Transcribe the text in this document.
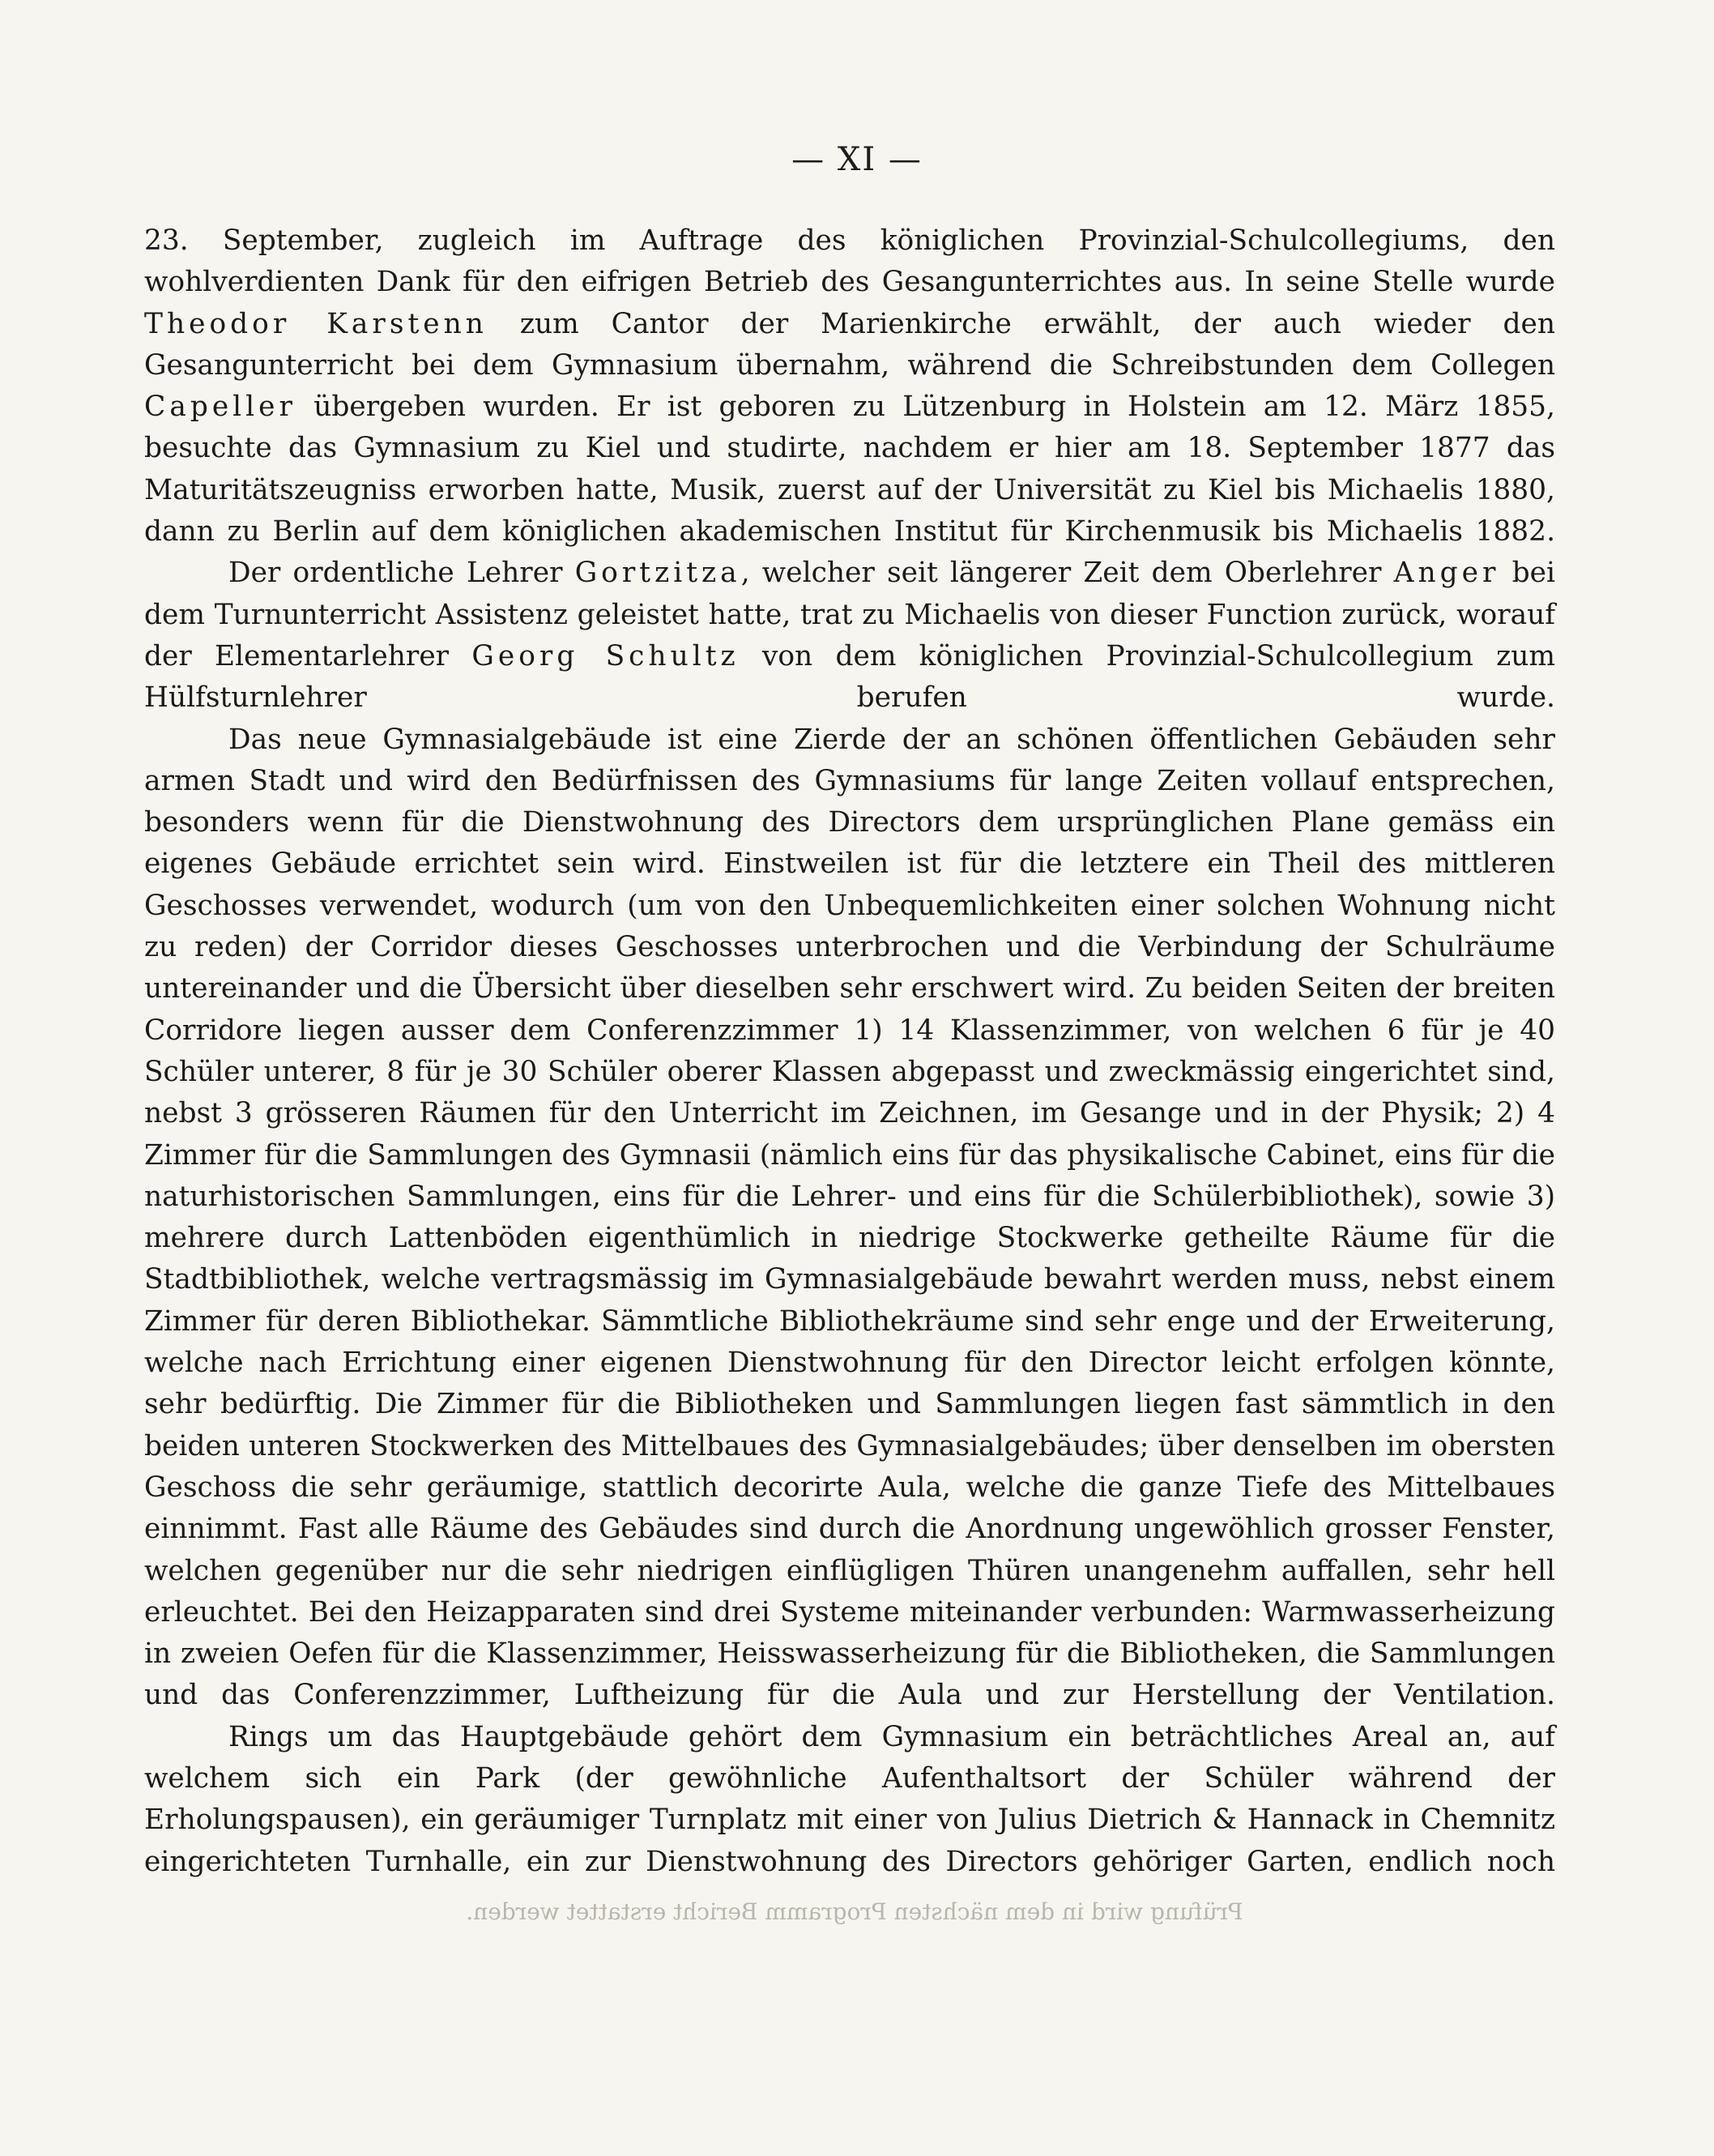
— XI —

23. September, zugleich im Auftrage des königlichen Provinzial-Schulcollegiums, den wohlverdienten Dank für den eifrigen Betrieb des Gesangunterrichtes aus. In seine Stelle wurde Theodor Karstenn zum Cantor der Marienkirche erwählt, der auch wieder den Gesangunterricht bei dem Gymnasium übernahm, während die Schreibstunden dem Collegen Capeller übergeben wurden. Er ist geboren zu Lützenburg in Holstein am 12. März 1855, besuchte das Gymnasium zu Kiel und studirte, nachdem er hier am 18. September 1877 das Maturitätszeugniss erworben hatte, Musik, zuerst auf der Universität zu Kiel bis Michaelis 1880, dann zu Berlin auf dem königlichen akademischen Institut für Kirchenmusik bis Michaelis 1882.

Der ordentliche Lehrer Gortzitza, welcher seit längerer Zeit dem Oberlehrer Anger bei dem Turnunterricht Assistenz geleistet hatte, trat zu Michaelis von dieser Function zurück, worauf der Elementarlehrer Georg Schultz von dem königlichen Provinzial-Schulcollegium zum Hülfsturnlehrer berufen wurde.

Das neue Gymnasialgebäude ist eine Zierde der an schönen öffentlichen Gebäuden sehr armen Stadt und wird den Bedürfnissen des Gymnasiums für lange Zeiten vollauf entsprechen, besonders wenn für die Dienstwohnung des Directors dem ursprünglichen Plane gemäss ein eigenes Gebäude errichtet sein wird. Einstweilen ist für die letztere ein Theil des mittleren Geschosses verwendet, wodurch (um von den Unbequemlichkeiten einer solchen Wohnung nicht zu reden) der Corridor dieses Geschosses unterbrochen und die Verbindung der Schulräume untereinander und die Übersicht über dieselben sehr erschwert wird. Zu beiden Seiten der breiten Corridore liegen ausser dem Conferenzzimmer 1) 14 Klassenzimmer, von welchen 6 für je 40 Schüler unterer, 8 für je 30 Schüler oberer Klassen abgepasst und zweckmässig eingerichtet sind, nebst 3 grösseren Räumen für den Unterricht im Zeichnen, im Gesange und in der Physik; 2) 4 Zimmer für die Sammlungen des Gymnasii (nämlich eins für das physikalische Cabinet, eins für die naturhistorischen Sammlungen, eins für die Lehrer- und eins für die Schülerbibliothek), sowie 3) mehrere durch Lattenböden eigenthümlich in niedrige Stockwerke getheilte Räume für die Stadtbibliothek, welche vertragsmässig im Gymnasialgebäude bewahrt werden muss, nebst einem Zimmer für deren Bibliothekar. Sämmtliche Bibliothekräume sind sehr enge und der Erweiterung, welche nach Errichtung einer eigenen Dienstwohnung für den Director leicht erfolgen könnte, sehr bedürftig. Die Zimmer für die Bibliotheken und Sammlungen liegen fast sämmtlich in den beiden unteren Stockwerken des Mittelbaues des Gymnasialgebäudes; über denselben im obersten Geschoss die sehr geräumige, stattlich decorirte Aula, welche die ganze Tiefe des Mittelbaues einnimmt. Fast alle Räume des Gebäudes sind durch die Anordnung ungewöhlich grosser Fenster, welchen gegenüber nur die sehr niedrigen einflügligen Thüren unangenehm auffallen, sehr hell erleuchtet. Bei den Heizapparaten sind drei Systeme miteinander verbunden: Warmwasserheizung in zweien Oefen für die Klassenzimmer, Heisswasserheizung für die Bibliotheken, die Sammlungen und das Conferenzzimmer, Luftheizung für die Aula und zur Herstellung der Ventilation.

Rings um das Hauptgebäude gehört dem Gymnasium ein beträchtliches Areal an, auf welchem sich ein Park (der gewöhnliche Aufenthaltsort der Schüler während der Erholungspausen), ein geräumiger Turnplatz mit einer von Julius Dietrich & Hannack in Chemnitz eingerichteten Turnhalle, ein zur Dienstwohnung des Directors gehöriger Garten, endlich noch

Prüfung wird in dem nächsten Programm Bericht erstattet werden.
